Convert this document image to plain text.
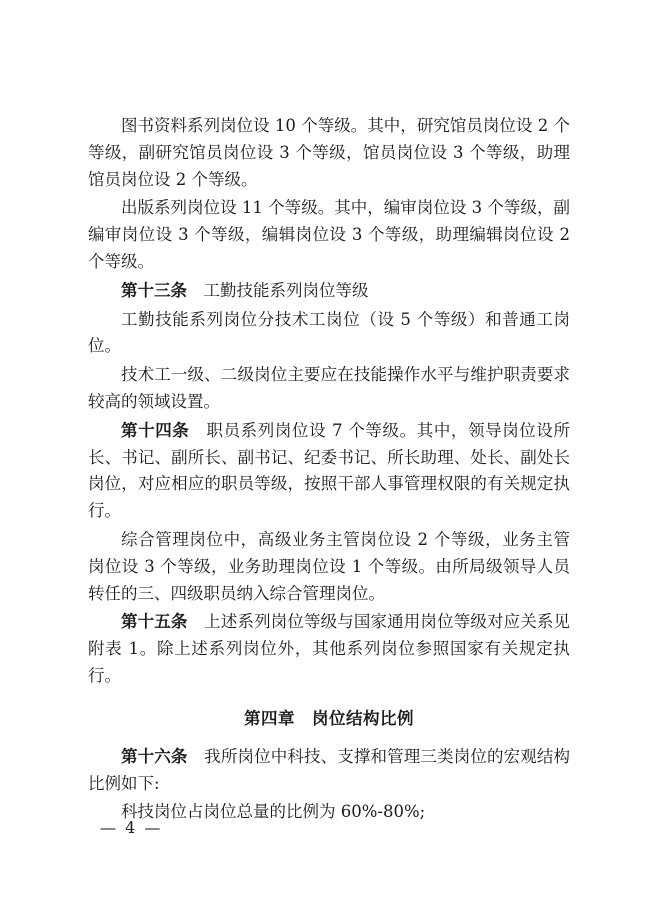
图书资料系列岗位设 10 个等级。其中，研究馆员岗位设 2 个等级，副研究馆员岗位设 3 个等级，馆员岗位设 3 个等级，助理馆员岗位设 2 个等级。

出版系列岗位设 11 个等级。其中，编审岗位设 3 个等级，副编审岗位设 3 个等级，编辑岗位设 3 个等级，助理编辑岗位设 2 个等级。

第十三条　工勤技能系列岗位等级

工勤技能系列岗位分技术工岗位（设 5 个等级）和普通工岗位。

技术工一级、二级岗位主要应在技能操作水平与维护职责要求较高的领域设置。

第十四条　职员系列岗位设 7 个等级。其中，领导岗位设所长、书记、副所长、副书记、纪委书记、所长助理、处长、副处长岗位，对应相应的职员等级，按照干部人事管理权限的有关规定执行。

综合管理岗位中，高级业务主管岗位设 2 个等级，业务主管岗位设 3 个等级，业务助理岗位设 1 个等级。由所局级领导人员转任的三、四级职员纳入综合管理岗位。

第十五条　上述系列岗位等级与国家通用岗位等级对应关系见附表 1。除上述系列岗位外，其他系列岗位参照国家有关规定执行。

第四章　岗位结构比例

第十六条　我所岗位中科技、支撑和管理三类岗位的宏观结构比例如下:

科技岗位占岗位总量的比例为 60%-80%;

— 4 —
